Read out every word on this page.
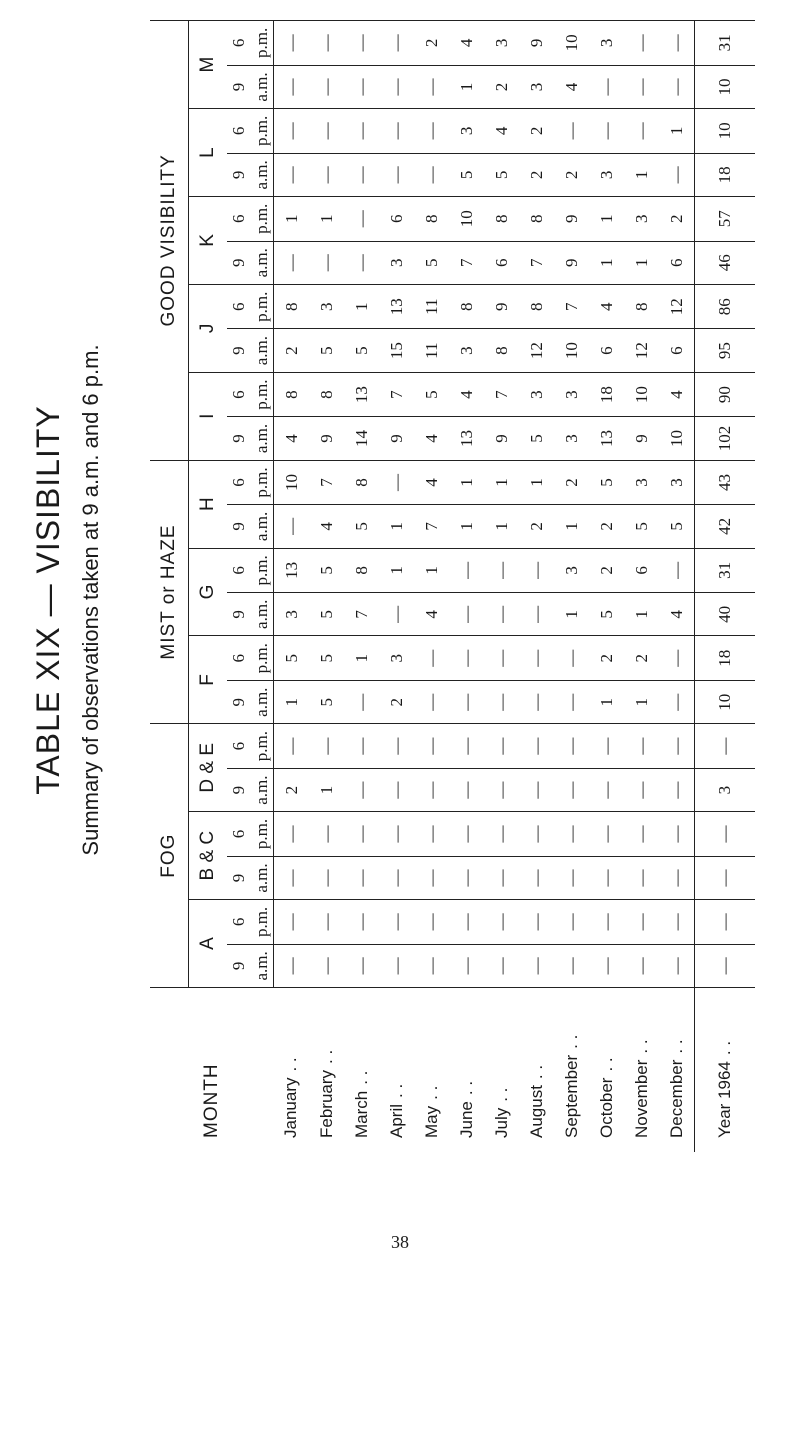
TABLE XIX — VISIBILITY Summary of observations taken at 9 a.m. and 6 p.m.
MONTH	FOG						MIST or HAZE						GOOD VISIBILITY									
	A		B & C		D & E		F		G		H		I		J		K		L		M	
	9	6	9	6	9	6	9	6	9	6	9	6	9	6	9	6	9	6	9	6	9	6
	a.m.	p.m.	a.m.	p.m.	a.m.	p.m.	a.m.	p.m.	a.m.	p.m.	a.m.	p.m.	a.m.	p.m.	a.m.	p.m.	a.m.	p.m.	a.m.	p.m.	a.m.	p.m.
January. .	—	—	—	—	2	—	1	5	3	13	—	10	4	8	2	8	—	1	—	—	—	—
February. .	—	—	—	—	1	—	5	5	5	5	4	7	9	8	5	3	—	1	—	—	—	—
March. .	—	—	—	—	—	—	—	1	7	8	5	8	14	13	5	1	—	—	—	—	—	—
April. .	—	—	—	—	—	—	2	3	—	1	1	—	9	7	15	13	3	6	—	—	—	—
May. .	—	—	—	—	—	—	—	—	4	1	7	4	4	5	11	11	5	8	—	—	—	2
June. .	—	—	—	—	—	—	—	—	—	—	1	1	13	4	3	8	7	10	5	3	1	4
July. .	—	—	—	—	—	—	—	—	—	—	1	1	9	7	8	9	6	8	5	4	2	3
August. .	—	—	—	—	—	—	—	—	—	—	2	1	5	3	12	8	7	8	2	2	3	9
September. .	—	—	—	—	—	—	—	—	1	3	1	2	3	3	10	7	9	9	2	—	4	10
October. .	—	—	—	—	—	—	1	2	5	2	2	5	13	18	6	4	1	1	3	—	—	3
November. .	—	—	—	—	—	—	1	2	1	6	5	3	9	10	12	8	1	3	1	—	—	—
December. .	—	—	—	—	—	—	—	—	4	—	5	3	10	4	6	12	6	2	—	1	—	—
Year 1964. .	—	—	—	—	3	—	10	18	40	31	42	43	102	90	95	86	46	57	18	10	10	31
38
